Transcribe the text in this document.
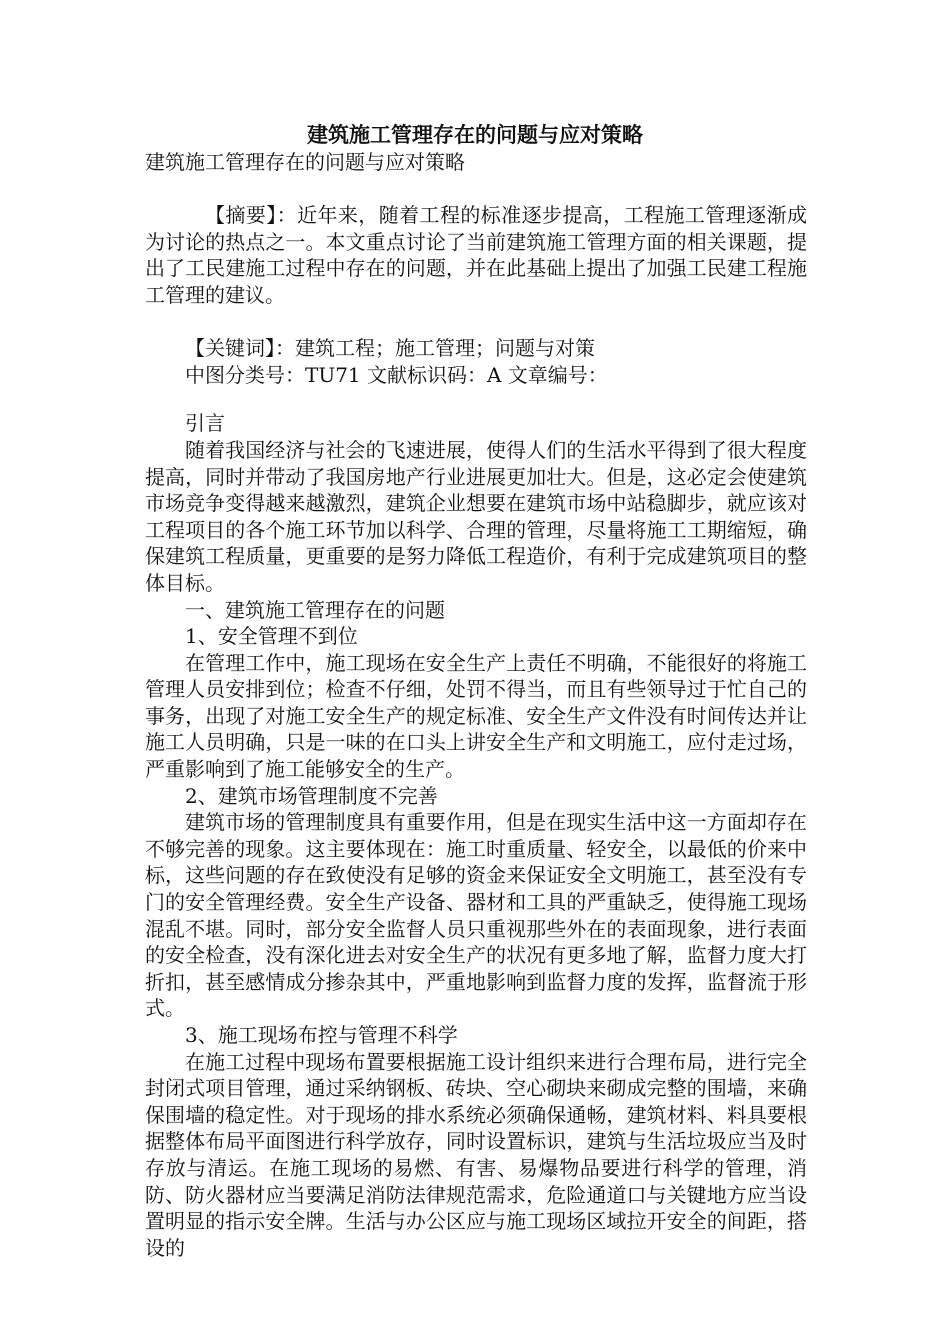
建筑施工管理存在的问题与应对策略

建筑施工管理存在的问题与应对策略

【摘要】：近年来，随着工程的标准逐步提高，工程施工管理逐渐成为讨论的热点之一。本文重点讨论了当前建筑施工管理方面的相关课题，提出了工民建施工过程中存在的问题，并在此基础上提出了加强工民建工程施工管理的建议。

【关键词】：建筑工程；施工管理；问题与对策

中图分类号：TU71 文献标识码：A 文章编号：

引言

随着我国经济与社会的飞速进展，使得人们的生活水平得到了很大程度提高，同时并带动了我国房地产行业进展更加壮大。但是，这必定会使建筑市场竞争变得越来越激烈，建筑企业想要在建筑市场中站稳脚步，就应该对工程项目的各个施工环节加以科学、合理的管理，尽量将施工工期缩短，确保建筑工程质量，更重要的是努力降低工程造价，有利于完成建筑项目的整体目标。

一、建筑施工管理存在的问题

1、安全管理不到位

在管理工作中，施工现场在安全生产上责任不明确，不能很好的将施工管理人员安排到位；检查不仔细，处罚不得当，而且有些领导过于忙自己的事务，出现了对施工安全生产的规定标准、安全生产文件没有时间传达并让施工人员明确，只是一味的在口头上讲安全生产和文明施工，应付走过场，严重影响到了施工能够安全的生产。

2、建筑市场管理制度不完善

建筑市场的管理制度具有重要作用，但是在现实生活中这一方面却存在不够完善的现象。这主要体现在：施工时重质量、轻安全，以最低的价来中标，这些问题的存在致使没有足够的资金来保证安全文明施工，甚至没有专门的安全管理经费。安全生产设备、器材和工具的严重缺乏，使得施工现场混乱不堪。同时，部分安全监督人员只重视那些外在的表面现象，进行表面的安全检查，没有深化进去对安全生产的状况有更多地了解，监督力度大打折扣，甚至感情成分掺杂其中，严重地影响到监督力度的发挥，监督流于形式。

3、施工现场布控与管理不科学

在施工过程中现场布置要根据施工设计组织来进行合理布局，进行完全封闭式项目管理，通过采纳钢板、砖块、空心砌块来砌成完整的围墙，来确保围墙的稳定性。对于现场的排水系统必须确保通畅，建筑材料、料具要根据整体布局平面图进行科学放存，同时设置标识，建筑与生活垃圾应当及时存放与清运。在施工现场的易燃、有害、易爆物品要进行科学的管理，消防、防火器材应当要满足消防法律规范需求，危险通道口与关键地方应当设置明显的指示安全牌。生活与办公区应与施工现场区域拉开安全的间距，搭设的
